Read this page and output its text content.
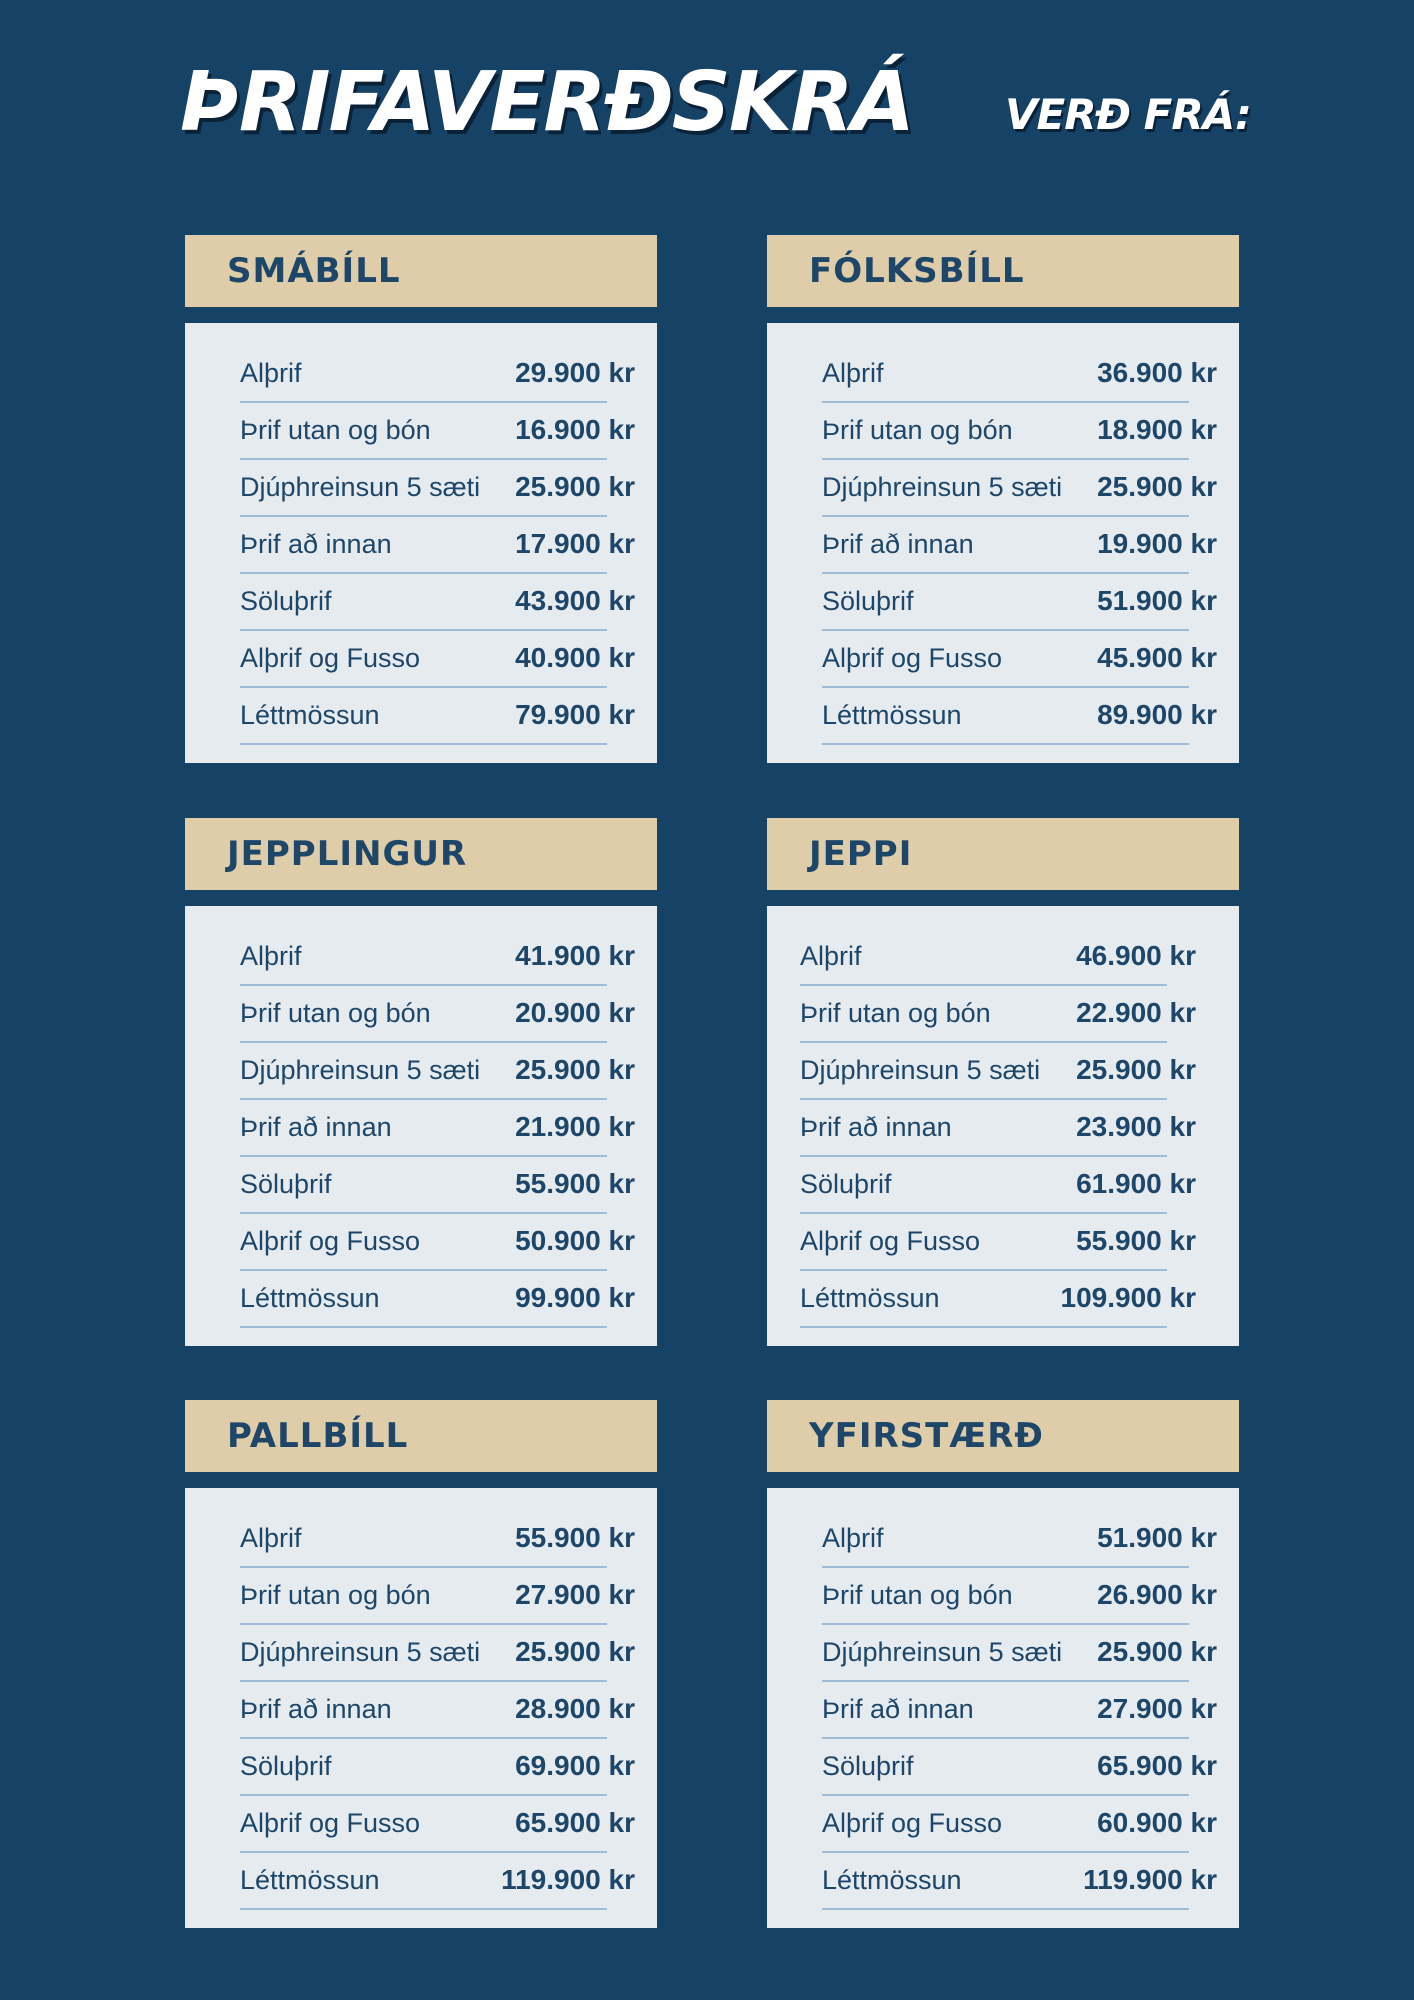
ÞRIFAVERÐSKRÁ VERÐ FRÁ:
SMÁBÍLL
Alþrif	29.900 kr
Þrif utan og bón	16.900 kr
Djúphreinsun 5 sæti 25.900 kr
Þrif að innan	17.900 kr
Söluþrif	43.900 kr
Alþrif og Fusso	40.900 kr
Léttmössun	79.900 kr
FÓLKSBÍLL
Alþrif	36.900 kr
Þrif utan og bón	18.900 kr
Djúphreinsun 5 sæti 25.900 kr
Þrif að innan	19.900 kr
Söluþrif	51.900 kr
Alþrif og Fusso	45.900 kr
Léttmössun	89.900 kr
JEPPLINGUR
Alþrif	41.900 kr
Þrif utan og bón	20.900 kr
Djúphreinsun 5 sæti 25.900 kr
Þrif að innan	21.900 kr
Söluþrif	55.900 kr
Alþrif og Fusso	50.900 kr
Léttmössun	99.900 kr
JEPPI
Alþrif	46.900 kr
Þrif utan og bón	22.900 kr
Djúphreinsun 5 sæti 25.900 kr
Þrif að innan	23.900 kr
Söluþrif	61.900 kr
Alþrif og Fusso	55.900 kr
Léttmössun	109.900 kr
PALLBÍLL
Alþrif	55.900 kr
Þrif utan og bón	27.900 kr
Djúphreinsun 5 sæti 25.900 kr
Þrif að innan	28.900 kr
Söluþrif	69.900 kr
Alþrif og Fusso	65.900 kr
Léttmössun	119.900 kr
YFIRSTÆRÐ
Alþrif	51.900 kr
Þrif utan og bón	26.900 kr
Djúphreinsun 5 sæti 25.900 kr
Þrif að innan	27.900 kr
Söluþrif	65.900 kr
Alþrif og Fusso	60.900 kr
Léttmössun	119.900 kr
